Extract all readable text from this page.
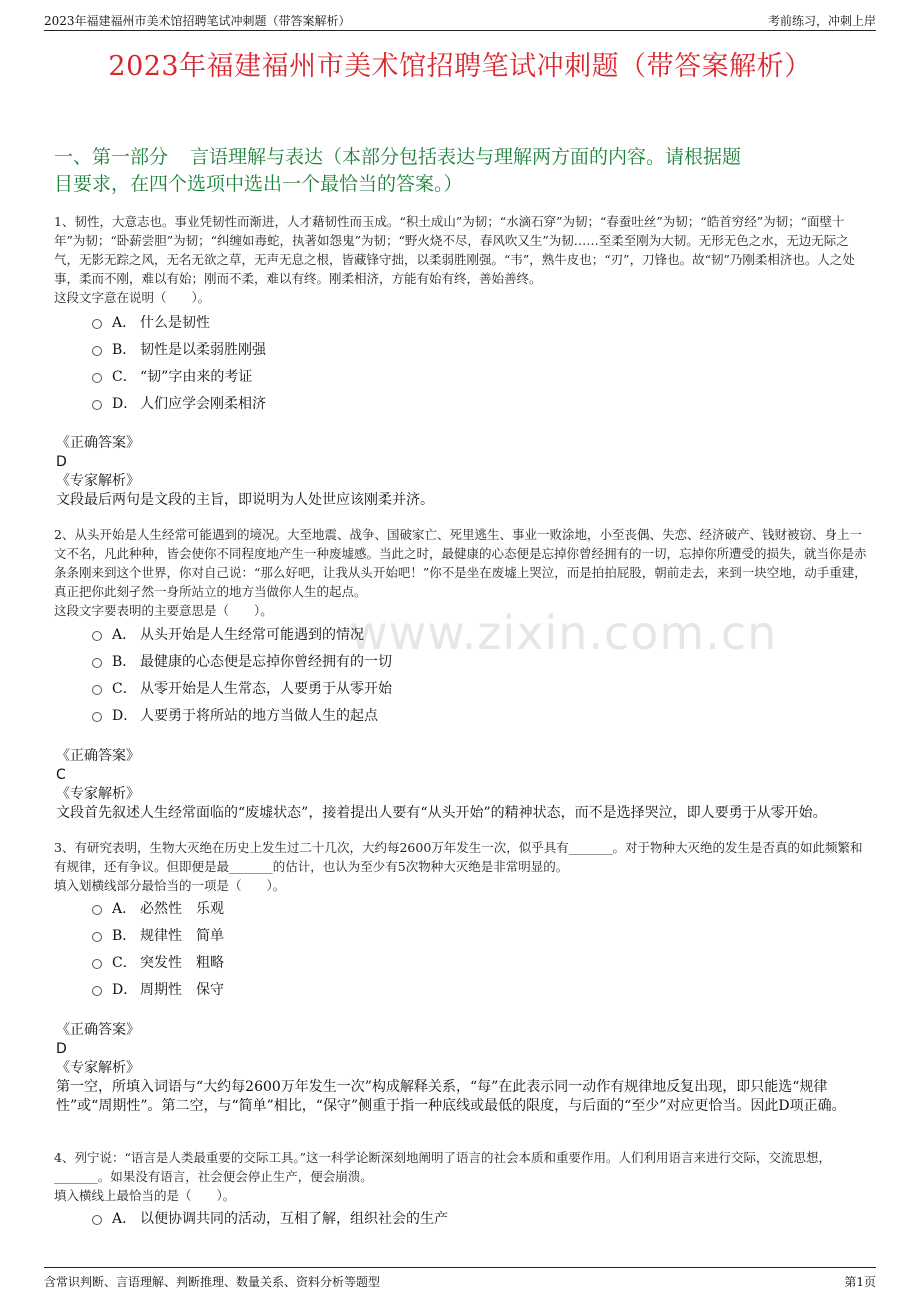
2023年福建福州市美术馆招聘笔试冲刺题（带答案解析）	考前练习，冲刺上岸
2023年福建福州市美术馆招聘笔试冲刺题（带答案解析）
一、第一部分 言语理解与表达（本部分包括表达与理解两方面的内容。请根据题
目要求，在四个选项中选出一个最恰当的答案。）
www.zixin.com.cn

1、韧性，大意志也。事业凭韧性而渐进，人才藉韧性而玉成。“积土成山”为韧；“水滴石穿”为韧；“春蚕吐丝”为韧；“皓首穷经”为韧；“面壁十年”为韧；“卧薪尝胆”为韧；“纠缠如毒蛇，执著如怨鬼”为韧；“野火烧不尽，春风吹又生”为韧……至柔至刚为大韧。无形无色之水，无边无际之气，无影无踪之风，无名无欲之草，无声无息之根，皆藏锋守拙，以柔弱胜刚强。“韦”，熟牛皮也；“刃”，刀锋也。故“韧”乃刚柔相济也。人之处事，柔而不刚，难以有始；刚而不柔，难以有终。刚柔相济，方能有始有终，善始善终。

这段文字意在说明（　　）。

A． 什么是韧性
B． 韧性是以柔弱胜刚强
C． “韧”字由来的考证
D． 人们应学会刚柔相济
《正确答案》
D
《专家解析》
文段最后两句是文段的主旨，即说明为人处世应该刚柔并济。

2、从头开始是人生经常可能遇到的境况。大至地震、战争、国破家亡、死里逃生、事业一败涂地，小至丧偶、失恋、经济破产、钱财被窃、身上一文不名，凡此种种，皆会使你不同程度地产生一种废墟感。当此之时，最健康的心态便是忘掉你曾经拥有的一切，忘掉你所遭受的损失，就当你是赤条条刚来到这个世界，你对自己说：“那么好吧，让我从头开始吧！”你不是坐在废墟上哭泣，而是拍拍屁股，朝前走去，来到一块空地，动手重建，真正把你此刻孑然一身所站立的地方当做你人生的起点。

这段文字要表明的主要意思是（　　）。

A． 从头开始是人生经常可能遇到的情况
B． 最健康的心态便是忘掉你曾经拥有的一切
C． 从零开始是人生常态，人要勇于从零开始
D． 人要勇于将所站的地方当做人生的起点
《正确答案》
C
《专家解析》
文段首先叙述人生经常面临的“废墟状态”，接着提出人要有“从头开始”的精神状态，而不是选择哭泣，即人要勇于从零开始。

3、有研究表明，生物大灭绝在历史上发生过二十几次，大约每2600万年发生一次，似乎具有_______。对于物种大灭绝的发生是否真的如此频繁和有规律，还有争议。但即便是最_______的估计，也认为至少有5次物种大灭绝是非常明显的。

填入划横线部分最恰当的一项是（　　）。

A． 必然性　乐观
B． 规律性　简单
C． 突发性　粗略
D． 周期性　保守
《正确答案》
D
《专家解析》
第一空，所填入词语与“大约每2600万年发生一次”构成解释关系，“每”在此表示同一动作有规律地反复出现，即只能选“规律性”或“周期性”。第二空，与“简单”相比，“保守”侧重于指一种底线或最低的限度，与后面的“至少”对应更恰当。因此D项正确。

4、列宁说：“语言是人类最重要的交际工具。”这一科学论断深刻地阐明了语言的社会本质和重要作用。人们利用语言来进行交际，交流思想，_______。如果没有语言，社会便会停止生产，便会崩溃。

填入横线上最恰当的是（　　）。

A． 以便协调共同的活动，互相了解，组织社会的生产
含常识判断、言语理解、判断推理、数量关系、资料分析等题型	第1页
